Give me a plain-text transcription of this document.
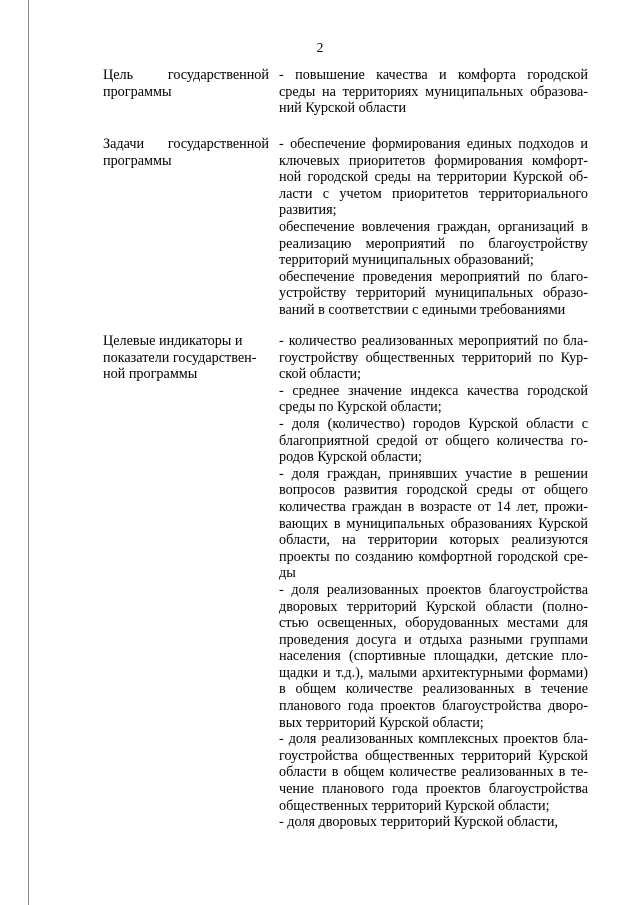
2
Цель государственной
программы
- повышение качества и комфорта городской
среды на территориях муниципальных образова-
ний Курской области
Задачи государственной
программы
- обеспечение формирования единых подходов и
ключевых приоритетов формирования комфорт-
ной городской среды на территории Курской об-
ласти с учетом приоритетов территориального
развития;
обеспечение вовлечения граждан, организаций в
реализацию мероприятий по благоустройству
территорий муниципальных образований;
обеспечение проведения мероприятий по благо-
устройству территорий муниципальных образо-
ваний в соответствии с едиными требованиями
Целевые индикаторы и
показатели государствен-
ной программы
- количество реализованных мероприятий по бла-
гоустройству общественных территорий по Кур-
ской области;
- среднее значение индекса качества городской
среды по Курской области;
- доля (количество) городов Курской области с
благоприятной средой от общего количества го-
родов Курской области;
- доля граждан, принявших участие в решении
вопросов развития городской среды от общего
количества граждан в возрасте от 14 лет, прожи-
вающих в муниципальных образованиях Курской
области, на территории которых реализуются
проекты по созданию комфортной городской сре-
ды
- доля реализованных проектов благоустройства
дворовых территорий Курской области (полно-
стью освещенных, оборудованных местами для
проведения досуга и отдыха разными группами
населения (спортивные площадки, детские пло-
щадки и т.д.), малыми архитектурными формами)
в общем количестве реализованных в течение
планового года проектов благоустройства дворо-
вых территорий Курской области;
- доля реализованных комплексных проектов бла-
гоустройства общественных территорий Курской
области в общем количестве реализованных в те-
чение планового года проектов благоустройства
общественных территорий Курской области;
- доля дворовых территорий Курской области,
